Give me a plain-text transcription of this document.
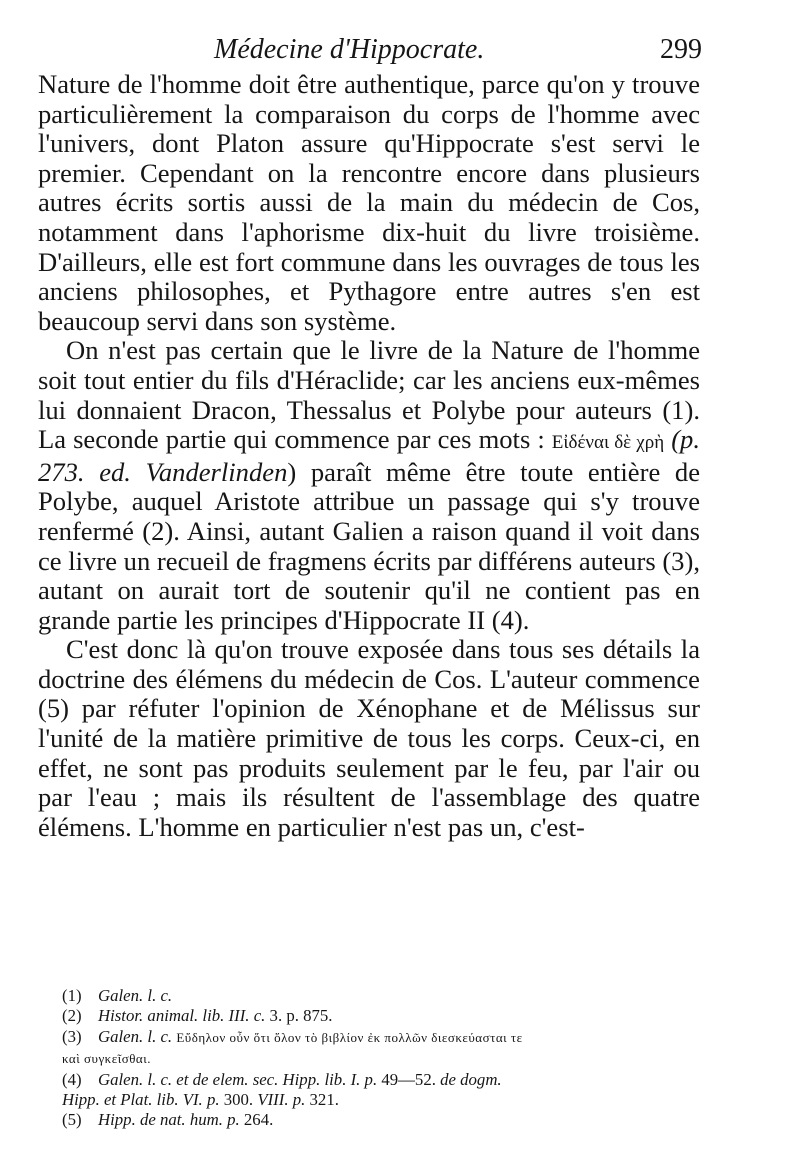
Médecine d'Hippocrate.	299

Nature de l'homme doit être authentique, parce qu'on y trouve particulièrement la comparaison du corps de l'homme avec l'univers, dont Platon assure qu'Hippocrate s'est servi le premier. Cependant on la rencontre encore dans plusieurs autres écrits sortis aussi de la main du médecin de Cos, notamment dans l'aphorisme dix-huit du livre troisième. D'ailleurs, elle est fort commune dans les ouvrages de tous les anciens philosophes, et Pythagore entre autres s'en est beaucoup servi dans son système.

On n'est pas certain que le livre de la Nature de l'homme soit tout entier du fils d'Héraclide; car les anciens eux-mêmes lui donnaient Dracon, Thessalus et Polybe pour auteurs (1). La seconde partie qui commence par ces mots : Εἰδέναι δὲ χρὴ (p. 273. ed. Vanderlinden) paraît même être toute entière de Polybe, auquel Aristote attribue un passage qui s'y trouve renfermé (2). Ainsi, autant Galien a raison quand il voit dans ce livre un recueil de fragmens écrits par différens auteurs (3), autant on aurait tort de soutenir qu'il ne contient pas en grande partie les principes d'Hippocrate II (4).

C'est donc là qu'on trouve exposée dans tous ses détails la doctrine des élémens du médecin de Cos. L'auteur commence (5) par réfuter l'opinion de Xénophane et de Mélissus sur l'unité de la matière primitive de tous les corps. Ceux-ci, en effet, ne sont pas produits seulement par le feu, par l'air ou par l'eau ; mais ils résultent de l'assemblage des quatre élémens. L'homme en particulier n'est pas un, c'est-

(1) Galen. l. c.
(2) Histor. animal. lib. III. c. 3. p. 875.
(3) Galen. l. c. Εὔδηλον οὖν ὅτι ὅλον τὸ βιβλίον ἐκ πολλῶν διεσκεύασται τε
καὶ συγκεῖσθαι.
(4) Galen. l. c. et de elem. sec. Hipp. lib. I. p. 49—52. de dogm.
Hipp. et Plat. lib. VI. p. 300. VIII. p. 321.
(5) Hipp. de nat. hum. p. 264.
